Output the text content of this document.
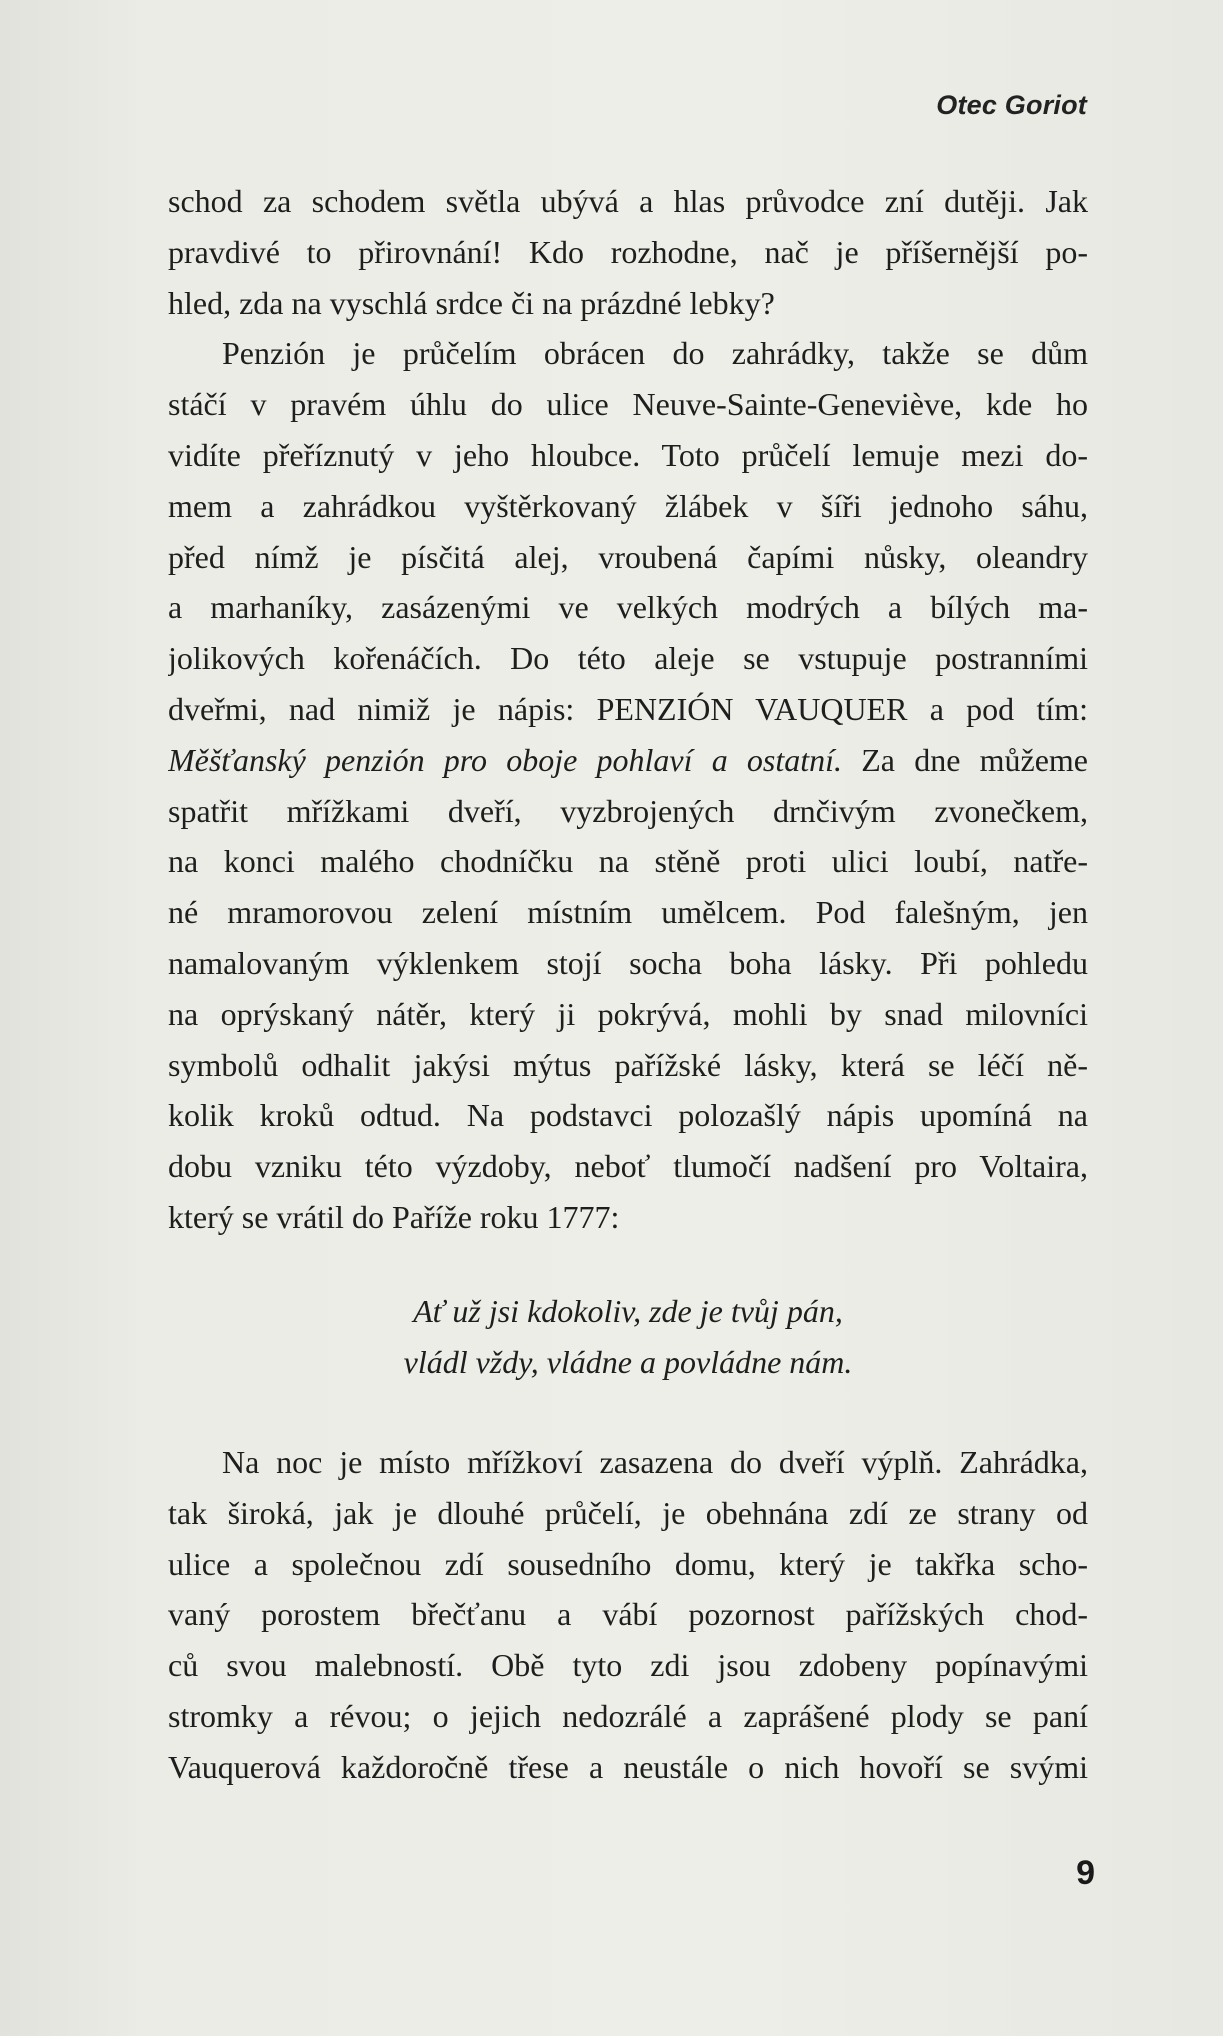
Otec Goriot
schod za schodem světla ubývá a hlas průvodce zní dutěji. Jak
pravdivé to přirovnání! Kdo rozhodne, nač je příšernější po-
hled, zda na vyschlá srdce či na prázdné lebky?
Penzión je průčelím obrácen do zahrádky, takže se dům
stáčí v pravém úhlu do ulice Neuve-Sainte-Geneviève, kde ho
vidíte přeříznutý v jeho hloubce. Toto průčelí lemuje mezi do-
mem a zahrádkou vyštěrkovaný žlábek v šíři jednoho sáhu,
před nímž je písčitá alej, vroubená čapími nůsky, oleandry
a marhaníky, zasázenými ve velkých modrých a bílých ma-
jolikových kořenáčích. Do této aleje se vstupuje postranními
dveřmi, nad nimiž je nápis: PENZIÓN VAUQUER a pod tím:
Měšťanský penzión pro oboje pohlaví a ostatní. Za dne můžeme
spatřit mřížkami dveří, vyzbrojených drnčivým zvonečkem,
na konci malého chodníčku na stěně proti ulici loubí, natře-
né mramorovou zelení místním umělcem. Pod falešným, jen
namalovaným výklenkem stojí socha boha lásky. Při pohledu
na oprýskaný nátěr, který ji pokrývá, mohli by snad milovníci
symbolů odhalit jakýsi mýtus pařížské lásky, která se léčí ně-
kolik kroků odtud. Na podstavci polozašlý nápis upomíná na
dobu vzniku této výzdoby, neboť tlumočí nadšení pro Voltaira,
který se vrátil do Paříže roku 1777:
Ať už jsi kdokoliv, zde je tvůj pán,
vládl vždy, vládne a povládne nám.
Na noc je místo mřížkoví zasazena do dveří výplň. Zahrádka,
tak široká, jak je dlouhé průčelí, je obehnána zdí ze strany od
ulice a společnou zdí sousedního domu, který je takřka scho-
vaný porostem břečťanu a vábí pozornost pařížských chod-
ců svou malebností. Obě tyto zdi jsou zdobeny popínavými
stromky a révou; o jejich nedozrálé a zaprášené plody se paní
Vauquerová každoročně třese a neustále o nich hovoří se svými
9
